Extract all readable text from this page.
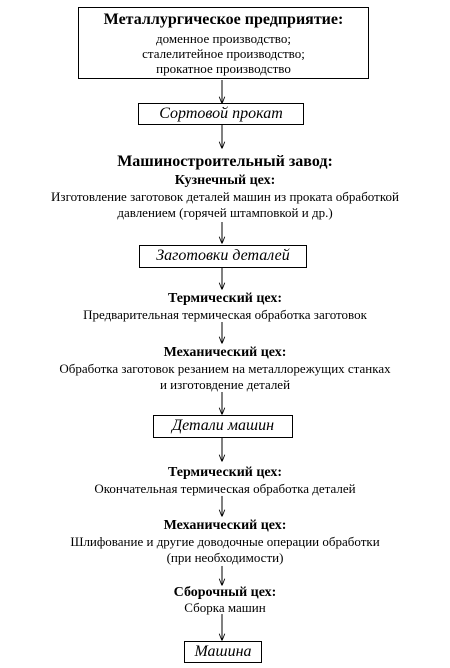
Металлургическое предприятие:
доменное производство;
сталелитейное производство;
прокатное производство
Сортовой прокат
Машиностроительный завод:
Кузнечный цех:
Изготовление заготовок деталей машин из проката обработкой
давлением (горячей штамповкой и др.)
Заготовки деталей
Термический цех:
Предварительная термическая обработка заготовок
Механический цех:
Обработка заготовок резанием на металлорежущих станках
и изготовдение деталей
Детали машин
Термический цех:
Окончательная термическая обработка деталей
Механический цех:
Шлифование и другие доводочные операции обработки
(при необходимости)
Сборочный цех:
Сборка машин
Машина
